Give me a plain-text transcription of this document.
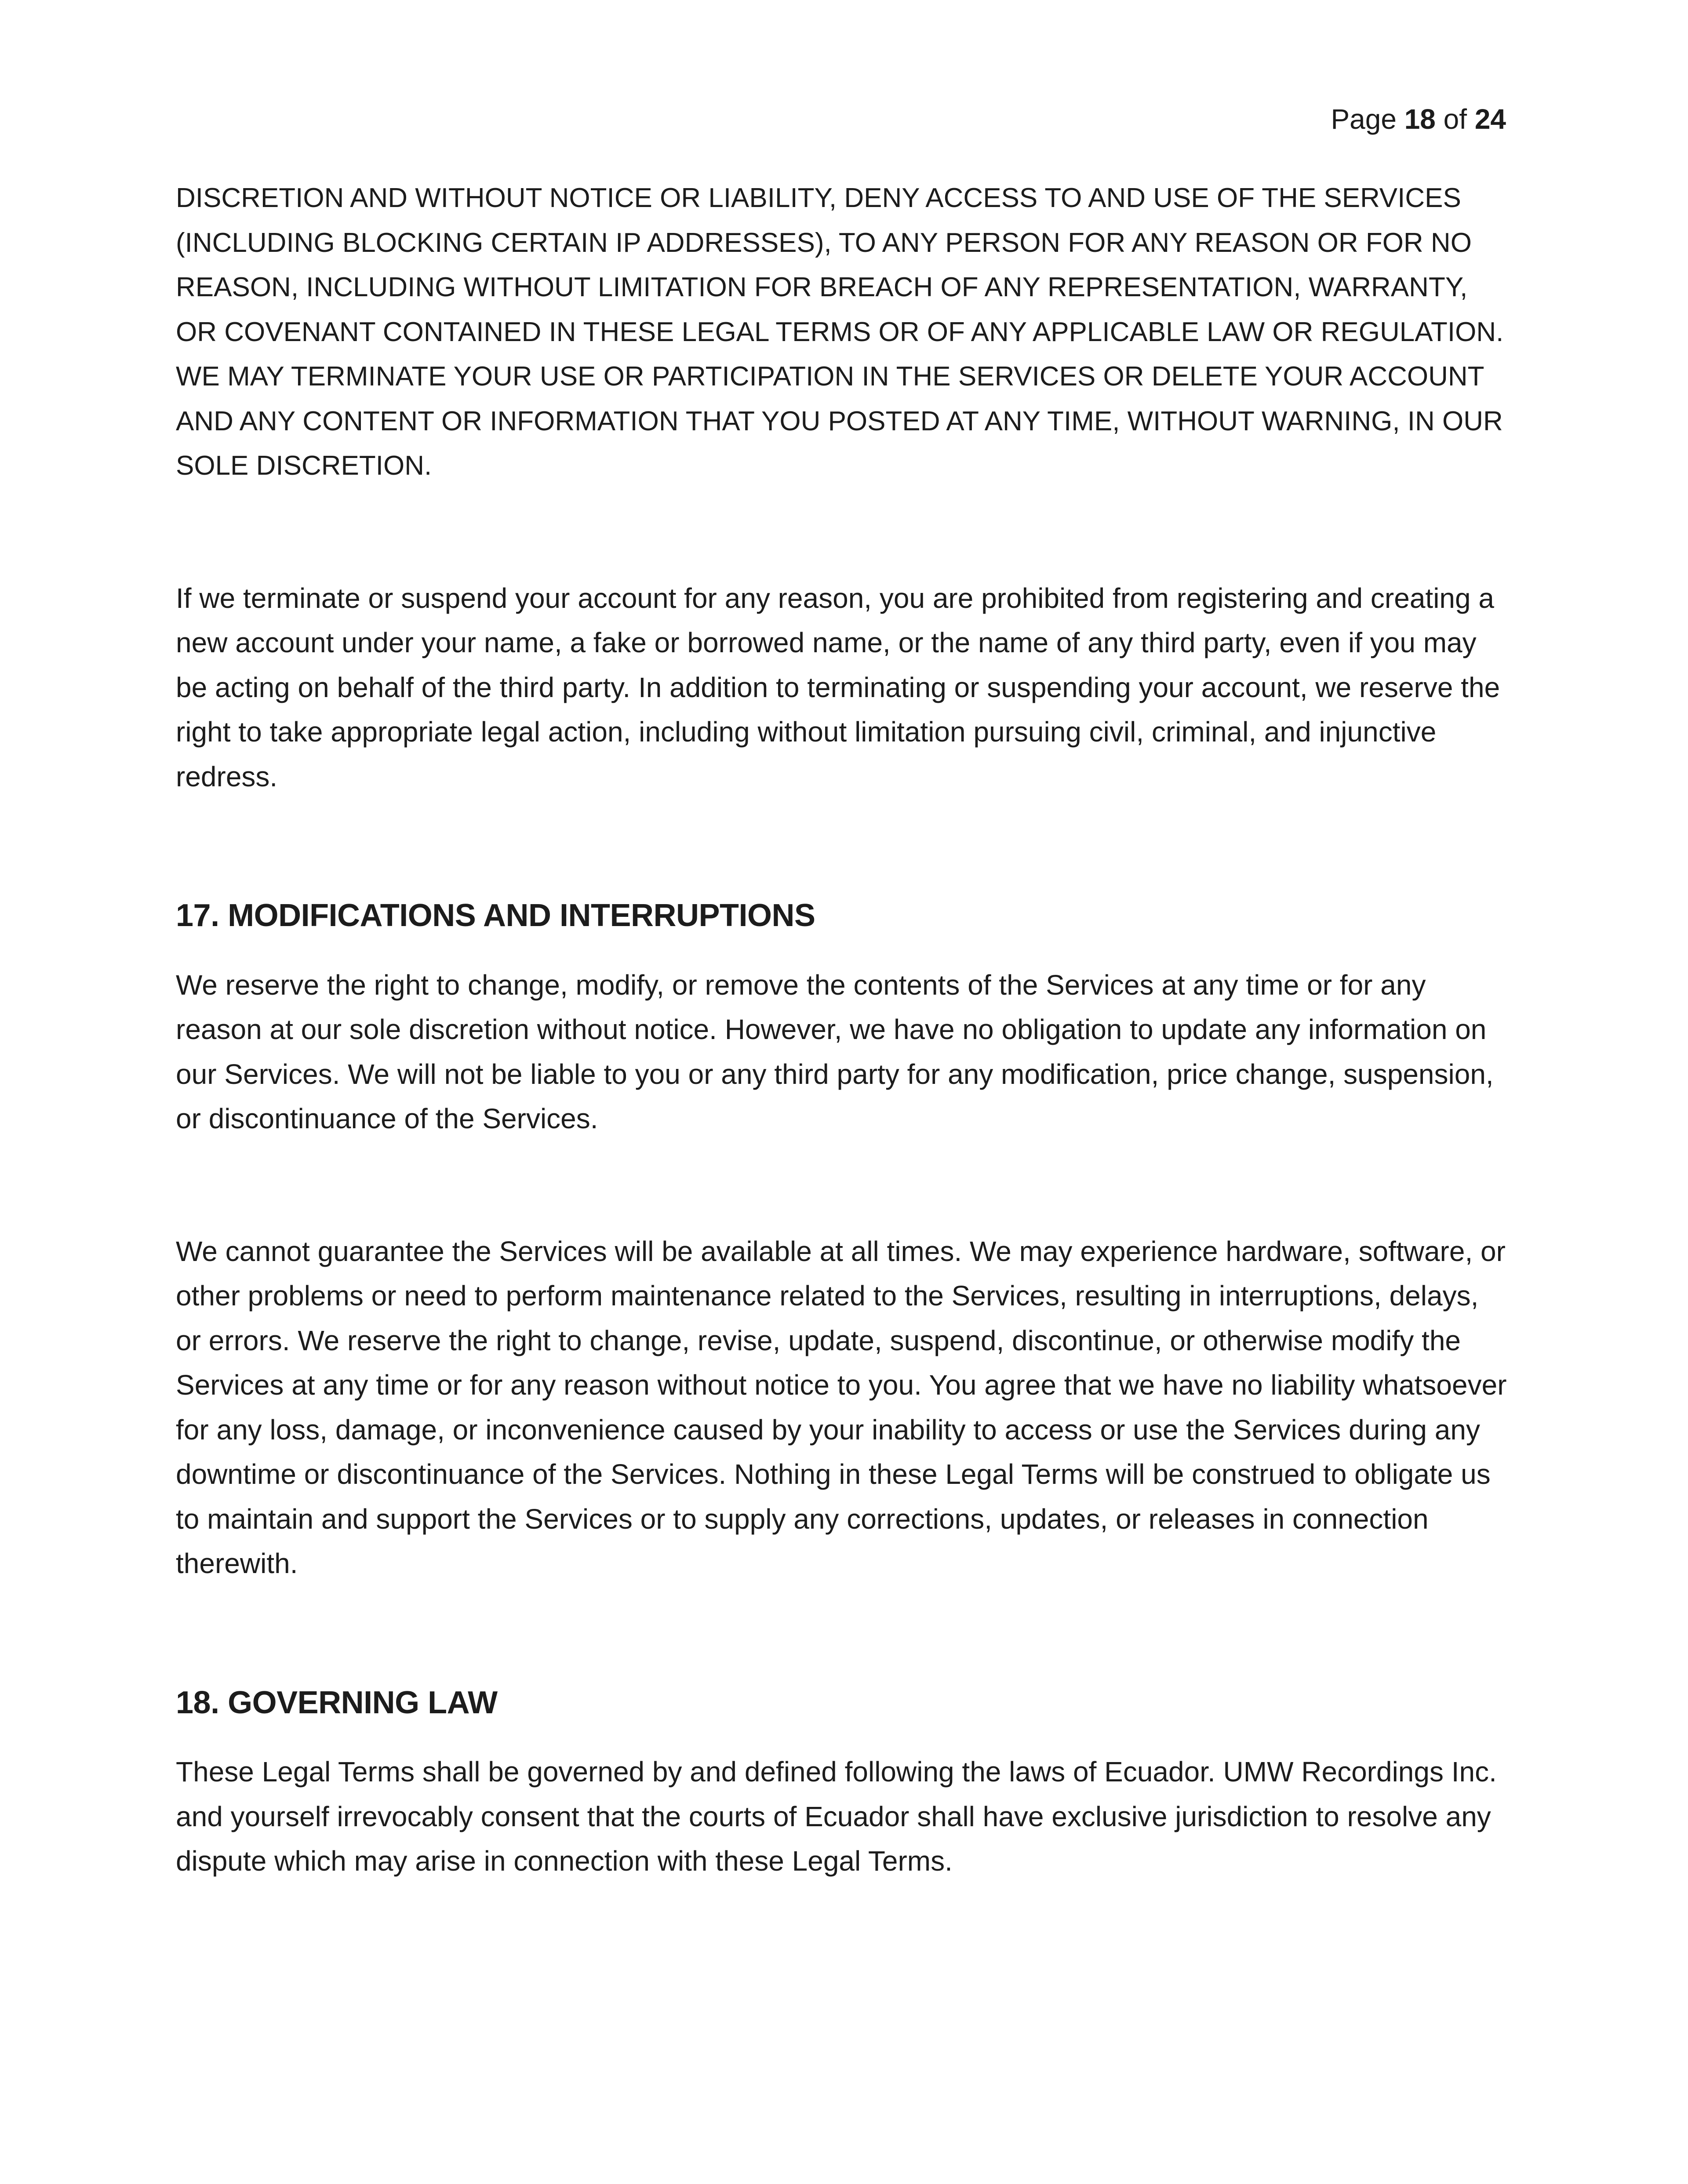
Page 18 of 24

DISCRETION AND WITHOUT NOTICE OR LIABILITY, DENY ACCESS TO AND USE OF THE SERVICES (INCLUDING BLOCKING CERTAIN IP ADDRESSES), TO ANY PERSON FOR ANY REASON OR FOR NO REASON, INCLUDING WITHOUT LIMITATION FOR BREACH OF ANY REPRESENTATION, WARRANTY, OR COVENANT CONTAINED IN THESE LEGAL TERMS OR OF ANY APPLICABLE LAW OR REGULATION. WE MAY TERMINATE YOUR USE OR PARTICIPATION IN THE SERVICES OR DELETE YOUR ACCOUNT AND ANY CONTENT OR INFORMATION THAT YOU POSTED AT ANY TIME, WITHOUT WARNING, IN OUR SOLE DISCRETION.

If we terminate or suspend your account for any reason, you are prohibited from registering and creating a new account under your name, a fake or borrowed name, or the name of any third party, even if you may be acting on behalf of the third party. In addition to terminating or suspending your account, we reserve the right to take appropriate legal action, including without limitation pursuing civil, criminal, and injunctive redress.

17. MODIFICATIONS AND INTERRUPTIONS

We reserve the right to change, modify, or remove the contents of the Services at any time or for any reason at our sole discretion without notice. However, we have no obligation to update any information on our Services. We will not be liable to you or any third party for any modification, price change, suspension, or discontinuance of the Services.

We cannot guarantee the Services will be available at all times. We may experience hardware, software, or other problems or need to perform maintenance related to the Services, resulting in interruptions, delays, or errors. We reserve the right to change, revise, update, suspend, discontinue, or otherwise modify the Services at any time or for any reason without notice to you. You agree that we have no liability whatsoever for any loss, damage, or inconvenience caused by your inability to access or use the Services during any downtime or discontinuance of the Services. Nothing in these Legal Terms will be construed to obligate us to maintain and support the Services or to supply any corrections, updates, or releases in connection therewith.

18. GOVERNING LAW

These Legal Terms shall be governed by and defined following the laws of Ecuador. UMW Recordings Inc. and yourself irrevocably consent that the courts of Ecuador shall have exclusive jurisdiction to resolve any dispute which may arise in connection with these Legal Terms.
